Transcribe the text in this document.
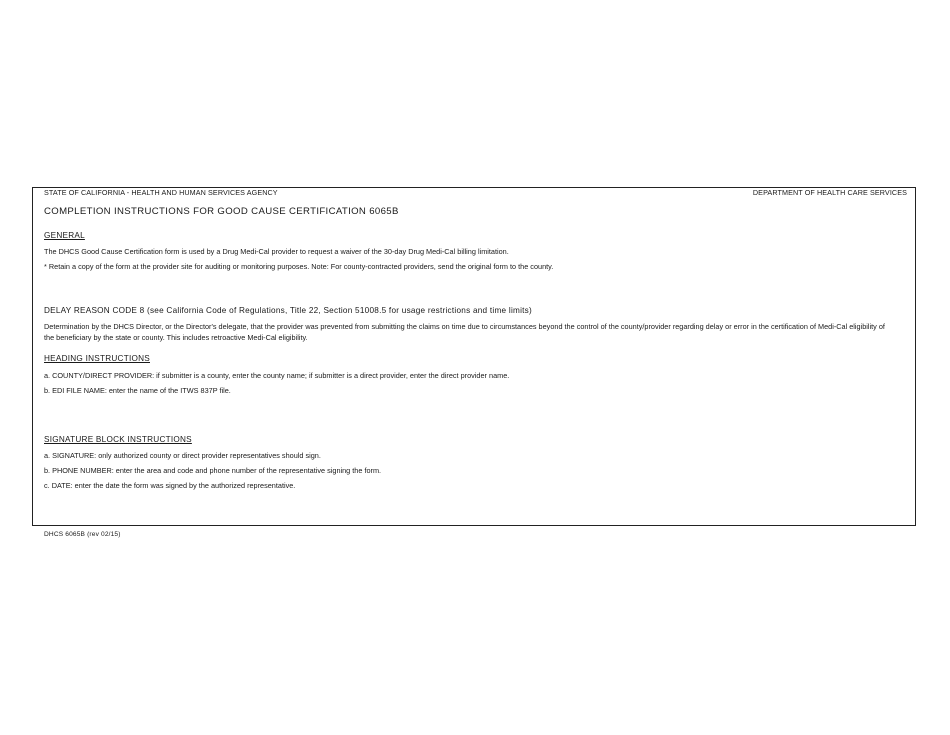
STATE OF CALIFORNIA - HEALTH AND HUMAN SERVICES AGENCY	DEPARTMENT OF HEALTH CARE SERVICES
COMPLETION INSTRUCTIONS FOR GOOD CAUSE CERTIFICATION 6065B
GENERAL
The DHCS Good Cause Certification form is used by a Drug Medi-Cal provider to request a waiver of the 30-day Drug Medi-Cal billing limitation.
* Retain a copy of the form at the provider site for auditing or monitoring purposes. Note: For county-contracted providers, send the original form to the county.
DELAY REASON CODE 8 (see California Code of Regulations, Title 22, Section 51008.5 for usage restrictions and time limits)
Determination by the DHCS Director, or the Director's delegate, that the provider was prevented from submitting the claims on time due to circumstances beyond the control of the county/provider regarding delay or error in the certification of Medi-Cal eligibility of the beneficiary by the state or county. This includes retroactive Medi-Cal eligibility.
HEADING INSTRUCTIONS
a. COUNTY/DIRECT PROVIDER: if submitter is a county, enter the county name; if submitter is a direct provider, enter the direct provider name.
b. EDI FILE NAME: enter the name of the ITWS 837P file.
SIGNATURE BLOCK INSTRUCTIONS
a. SIGNATURE: only authorized county or direct provider representatives should sign.
b. PHONE NUMBER: enter the area and code and phone number of the representative signing the form.
c. DATE: enter the date the form was signed by the authorized representative.
DHCS 6065B (rev 02/15)
